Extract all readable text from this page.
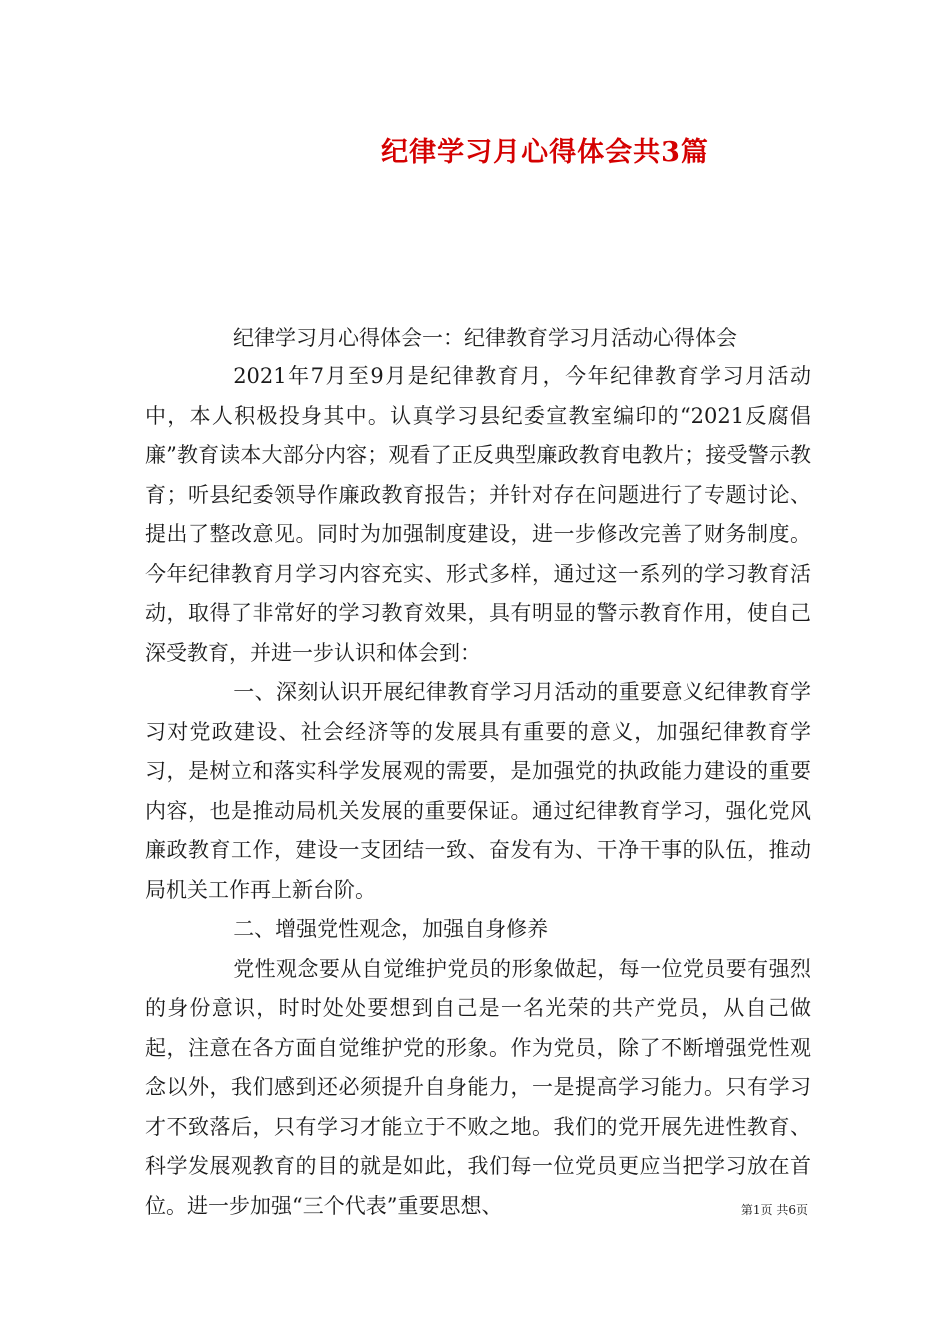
纪律学习月心得体会共3篇

纪律学习月心得体会一：纪律教育学习月活动心得体会

2021年7月至9月是纪律教育月，今年纪律教育学习月活动中，本人积极投身其中。认真学习县纪委宣教室编印的“2021反腐倡廉”教育读本大部分内容；观看了正反典型廉政教育电教片；接受警示教育；听县纪委领导作廉政教育报告；并针对存在问题进行了专题讨论、提出了整改意见。同时为加强制度建设，进一步修改完善了财务制度。今年纪律教育月学习内容充实、形式多样，通过这一系列的学习教育活动，取得了非常好的学习教育效果，具有明显的警示教育作用，使自己深受教育，并进一步认识和体会到：

一、深刻认识开展纪律教育学习月活动的重要意义纪律教育学习对党政建设、社会经济等的发展具有重要的意义，加强纪律教育学习，是树立和落实科学发展观的需要，是加强党的执政能力建设的重要内容，也是推动局机关发展的重要保证。通过纪律教育学习，强化党风廉政教育工作，建设一支团结一致、奋发有为、干净干事的队伍，推动局机关工作再上新台阶。

二、增强党性观念，加强自身修养

党性观念要从自觉维护党员的形象做起，每一位党员要有强烈的身份意识，时时处处要想到自己是一名光荣的共产党员，从自己做起，注意在各方面自觉维护党的形象。作为党员，除了不断增强党性观念以外，我们感到还必须提升自身能力，一是提高学习能力。只有学习才不致落后，只有学习才能立于不败之地。我们的党开展先进性教育、科学发展观教育的目的就是如此，我们每一位党员更应当把学习放在首位。进一步加强“三个代表”重要思想、	第1页 共6页
